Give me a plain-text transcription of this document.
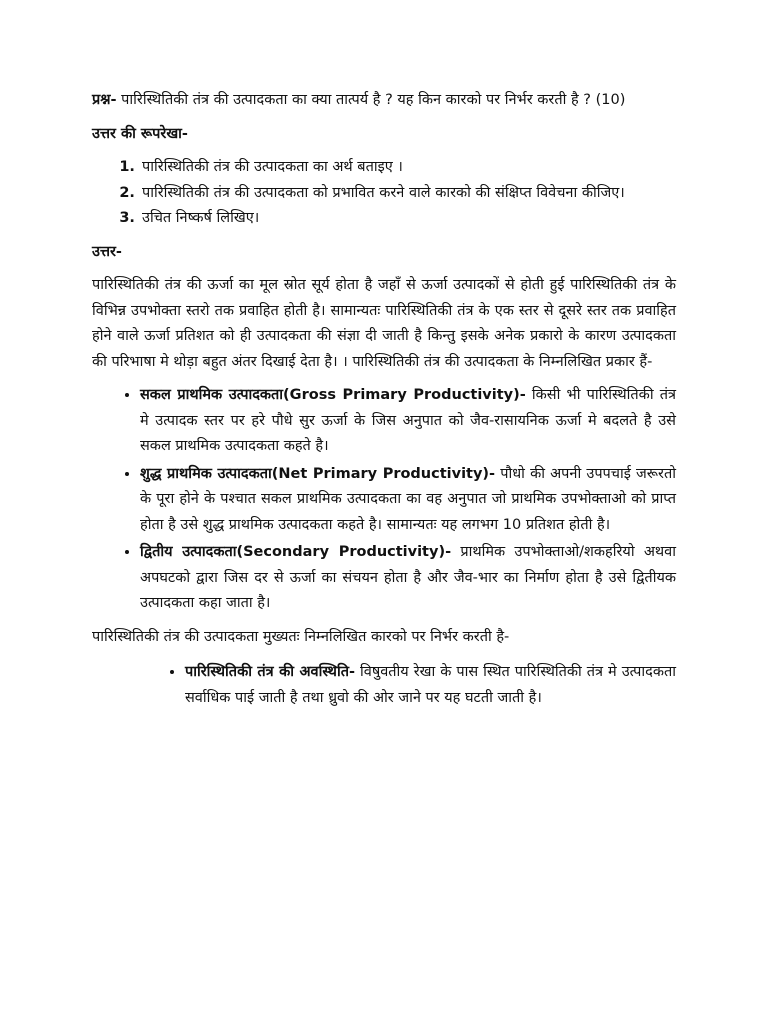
प्रश्न- पारिस्थितिकी तंत्र की उत्पादकता का क्या तात्पर्य है ? यह किन कारको पर निर्भर करती है ? (10)

उत्तर की रूपरेखा-

1. पारिस्थितिकी तंत्र की उत्पादकता का अर्थ बताइए ।
2. पारिस्थितिकी तंत्र की उत्पादकता को प्रभावित करने वाले कारको की संक्षिप्त विवेचना कीजिए।
3. उचित निष्कर्ष लिखिए।

उत्तर-

पारिस्थितिकी तंत्र की ऊर्जा का मूल स्रोत सूर्य होता है जहाँ से ऊर्जा उत्पादकों से होती हुई पारिस्थितिकी तंत्र के विभिन्न उपभोक्ता स्तरो तक प्रवाहित होती है। सामान्यतः पारिस्थितिकी तंत्र के एक स्तर से दूसरे स्तर तक प्रवाहित होने वाले ऊर्जा प्रतिशत को ही उत्पादकता की संज्ञा दी जाती है किन्तु इसके अनेक प्रकारो के कारण उत्पादकता की परिभाषा मे थोड़ा बहुत अंतर दिखाई देता है। । पारिस्थितिकी तंत्र की उत्पादकता के निम्नलिखित प्रकार हैं-

• सकल प्राथमिक उत्पादकता(Gross Primary Productivity)- किसी भी पारिस्थितिकी तंत्र मे उत्पादक स्तर पर हरे पौधे सुर ऊर्जा के जिस अनुपात को जैव-रासायनिक ऊर्जा मे बदलते है उसे सकल प्राथमिक उत्पादकता कहते है।
• शुद्ध प्राथमिक उत्पादकता(Net Primary Productivity)- पौधो की अपनी उपपचाई जरूरतो के पूरा होने के पश्चात सकल प्राथमिक उत्पादकता का वह अनुपात जो प्राथमिक उपभोक्ताओ को प्राप्त होता है उसे शुद्ध प्राथमिक उत्पादकता कहते है। सामान्यतः यह लगभग 10 प्रतिशत होती है।
• द्वितीय उत्पादकता(Secondary Productivity)- प्राथमिक उपभोक्ताओ/शकहरियो अथवा अपघटको द्वारा जिस दर से ऊर्जा का संचयन होता है और जैव-भार का निर्माण होता है उसे द्वितीयक उत्पादकता कहा जाता है।

पारिस्थितिकी तंत्र की उत्पादकता मुख्यतः निम्नलिखित कारको पर निर्भर करती है-

• पारिस्थितिकी तंत्र की अवस्थिति- विषुवतीय रेखा के पास स्थित पारिस्थितिकी तंत्र मे उत्पादकता सर्वाधिक पाई जाती है तथा ध्रुवो की ओर जाने पर यह घटती जाती है।
